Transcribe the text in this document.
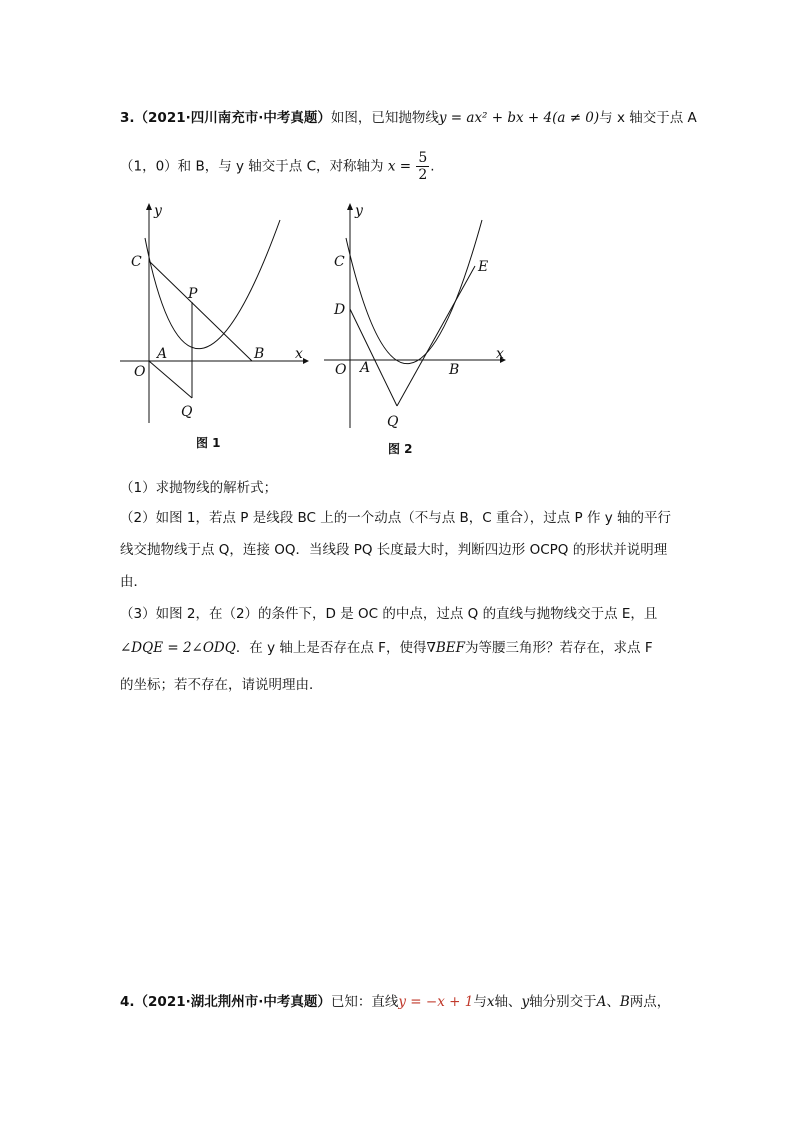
3.（2021·四川南充市·中考真题）如图，已知抛物线y = ax² + bx + 4(a ≠ 0)与 x 轴交于点 A
（1，0）和 B，与 y 轴交于点 C，对称轴为 $x = \frac{5}{2}$ .
y
x
C
P
A	B
O
Q
图 1
y
x
C
D
E
A	B
O
Q
图 2
（1）求抛物线的解析式；
（2）如图 1，若点 P 是线段 BC 上的一个动点（不与点 B，C 重合），过点 P 作 y 轴的平行
线交抛物线于点 Q，连接 OQ．当线段 PQ 长度最大时，判断四边形 OCPQ 的形状并说明理
由．
（3）如图 2，在（2）的条件下，D 是 OC 的中点，过点 Q 的直线与抛物线交于点 E，且
∠DQE = 2∠ODQ．在 y 轴上是否存在点 F，使得∇BEF为等腰三角形？若存在，求点 F
的坐标；若不存在，请说明理由．
4.（2021·湖北荆州市·中考真题）已知：直线y = −x + 1与x轴、y轴分别交于A、B两点，
